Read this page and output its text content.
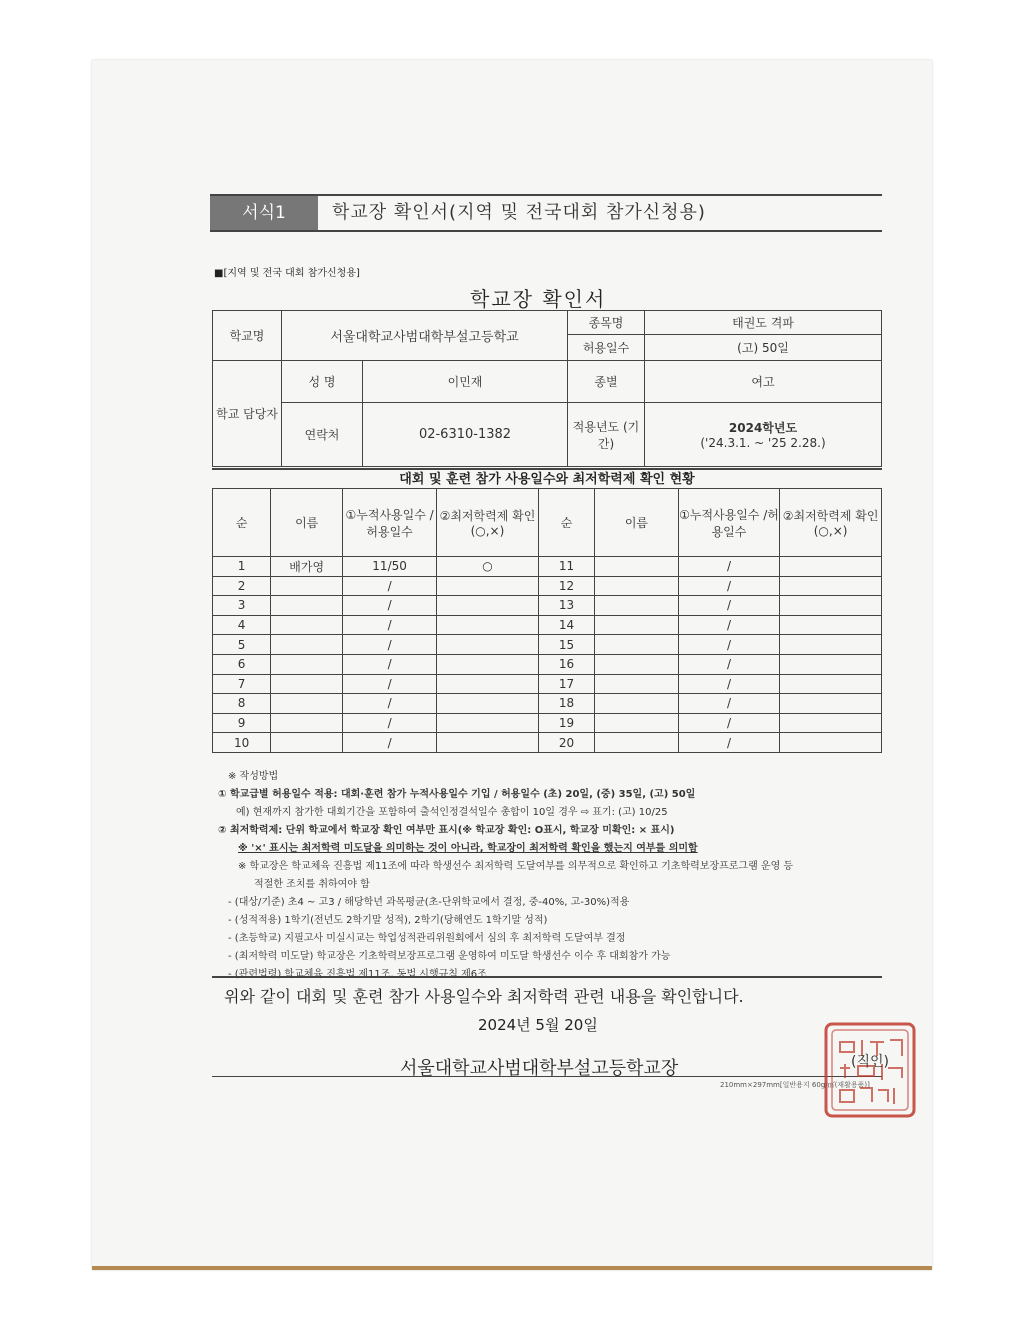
서식1	학교장 확인서(지역 및 전국대회 참가신청용)
■[지역 및 전국 대회 참가신청용]
학교장 확인서
학교명	서울대학교사범대학부설고등학교		종목명	태권도 격파
			허용일수	(고) 50일
학교 담당자	성 명	이민재	종별	여고
	연락처	02-6310-1382	적용년도 (기간)	2024학년도
('24.3.1. ~ '25 2.28.)
대회 및 훈련 참가 사용일수와 최저학력제 확인 현황
순	이름	①누적사용일수 /허용일수	②최저학력제 확인(○,×)	순	이름	①누적사용일수 /허용일수	②최저학력제 확인(○,×)
1	배가영	11/50	○	11		/	
2		/		12		/	
3		/		13		/	
4		/		14		/	
5		/		15		/	
6		/		16		/	
7		/		17		/	
8		/		18		/	
9		/		19		/	
10		/		20		/	
※ 작성방법
① 학교급별 허용일수 적용: 대회·훈련 참가 누적사용일수 기입 / 허용일수 (초) 20일, (중) 35일, (고) 50일
예) 현재까지 참가한 대회기간을 포함하여 출석인정결석일수 총합이 10일 경우 ⇨ 표기: (고) 10/25
② 최저학력제: 단위 학교에서 학교장 확인 여부만 표시(※ 학교장 확인: O표시, 학교장 미확인: × 표시)
※ '×' 표시는 최저학력 미도달을 의미하는 것이 아니라, 학교장이 최저학력 확인을 했는지 여부를 의미함
※ 학교장은 학교체육 진흥법 제11조에 따라 학생선수 최저학력 도달여부를 의무적으로 확인하고 기초학력보장프로그램 운영 등
적절한 조치를 취하여야 함
- (대상/기준) 초4 ~ 고3 / 해당학년 과목평균(초-단위학교에서 결정, 중-40%, 고-30%)적용
- (성적적용) 1학기(전년도 2학기말 성적), 2학기(당해연도 1학기말 성적)
- (초등학교) 지필고사 미실시교는 학업성적관리위원회에서 심의 후 최저학력 도달여부 결정
- (최저학력 미도달) 학교장은 기초학력보장프로그램 운영하여 미도달 학생선수 이수 후 대회참가 가능
- (관련법령) 학교체육 진흥법 제11조, 동법 시행규칙 제6조
위와 같이 대회 및 훈련 참가 사용일수와 최저학력 관련 내용을 확인합니다.
2024년 5월 20일
서울대학교사범대학부설고등학교장
210mm×297mm[일반용지 60g/㎡(재활용품)]
(직인)
